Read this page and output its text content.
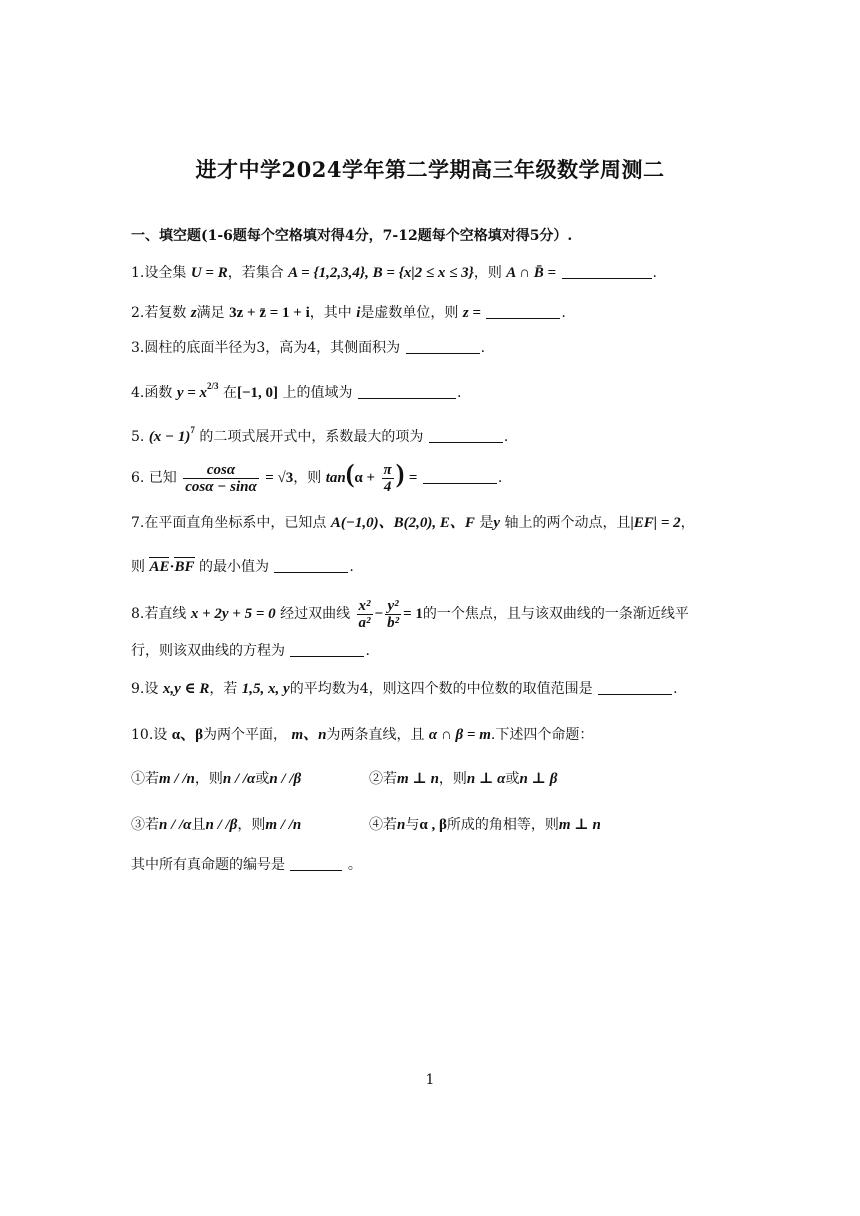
进才中学2024学年第二学期高三年级数学周测二
一、填空题(1-6题每个空格填对得4分，7-12题每个空格填对得5分）.
1.设全集 U = R，若集合 A = {1,2,3,4}, B = {x|2 ≤ x ≤ 3}，则 A ∩ B̄ =	.
2.若复数 z满足 3z + z̄ = 1 + i，其中 i是虚数单位，则 z =	.
3.圆柱的底面半径为3，高为4，其侧面积为	.
4.函数 $y = x^{2/3}$ 在[−1, 0] 上的值域为	.
5. $(x - 1)^7$ 的二项式展开式中，系数最大的项为	.
6. 已知 $\frac{\cos\alpha}{\cos\alpha - \sin\alpha} = √3$，则 $\tan(\alpha + \frac{\pi}{4}$ ) =	.
7.在平面直角坐标系中，已知点 A(−1,0)、B(2,0), E、F 是y 轴上的两个动点，且|EF| = 2，
则 AE·BF 的最小值为	.
8.若直线 x + 2y + 5 = 0 经过双曲线 $\frac{\text{x²}}{\text{a²}} - \frac{\text{y²}}{\text{b²}} = 1$的一个焦点，且与该双曲线的一条渐近线平
行，则该双曲线的方程为	.
9.设 x,y ∈ R，若 1,5, x, y的平均数为4，则这四个数的中位数的取值范围是	.
10.设 α、β为两个平面， m、n为两条直线，且 α ∩ β = m.下述四个命题：
①若m / /n，则n / /α或n / /β	②若m ⊥ n，则n ⊥ α或n ⊥ β
③若n / /α且n / /β，则m / /n	④若n与α , β所成的角相等，则m ⊥ n
其中所有真命题的编号是	。
1
